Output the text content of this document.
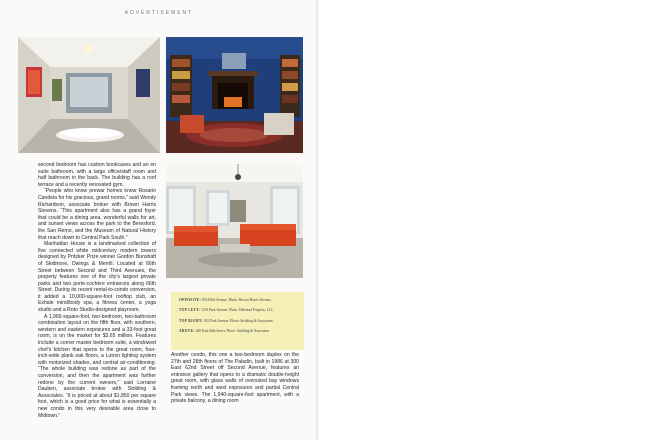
ADVERTISEMENT

second bedroom has custom bookcases and an en suite bathroom, with a large office/staff room and half bathroom in the back. The building has a roof terrace and a recently renovated gym.

“People who know prewar homes know Rosario Candela for his gracious, grand rooms,” said Wendy Richardson, associate broker with Brown Harris Stevens. “This apartment also has a grand foyer that could be a dining area, wonderful walls for art, and sunset views across the park to the Beresford, the San Remo, and the Museum of Natural History that reach down to Central Park South.”

Manhattan House is a landmarked collection of five connected white midcentury modern towers designed by Pritzker Prize winner Gordon Bunshaft of Skidmore, Owings & Merrill. Located at 66th Street between Second and Third Avenues, the property features one of the city’s largest private parks and two porte-cochère entrances along 66th Street. During its recent rental-to-condo conversion, it added a 10,000-square-foot rooftop club, an Exhale mind/body spa, a fitness center, a yoga studio and a Roto Studio-designed playroom.

A 1,965-square-foot, two-bedroom, two-bathroom combination layout on the fifth floor, with southern, western and eastern exposures and a 33-foot great room, is on the market for $3.65 million. Features include a corner master bedroom suite, a windowed chef’s kitchen that opens to the great room, four-inch-wide plank oak floors, a Lutron lighting system with motorized shades, and central air-conditioning. “The whole building was redone as part of the conversion, and then the apartment was further redone by the current owners,” said Lorraine Dauben, associate broker with Stribling & Associates. “It is priced at about $1,850 per square foot, which is a good price for what is essentially a new condo in this very desirable area close to Midtown.”

OPPOSITE: 955 Fifth Avenue. Photo: Brown Harris Stevens.
TOP LEFT: 1150 Park Avenue. Photo: Halstead Property, LLC
TOP RIGHT: 925 Park Avenue. Photo: Stribling & Associates.
ABOVE: 200 East 66th Street. Photo: Stribling & Associates.

Another condo, this one a two-bedroom duplex on the 27th and 28th floors of The Paladin, built in 1986 at 300 East 62nd Street off Second Avenue, features an entrance gallery that opens to a dramatic double-height great room, with glass walls of oversized bay windows framing north and west exposures and partial Central Park views. The 1,940-square-foot apartment, with a private balcony, a dining room
